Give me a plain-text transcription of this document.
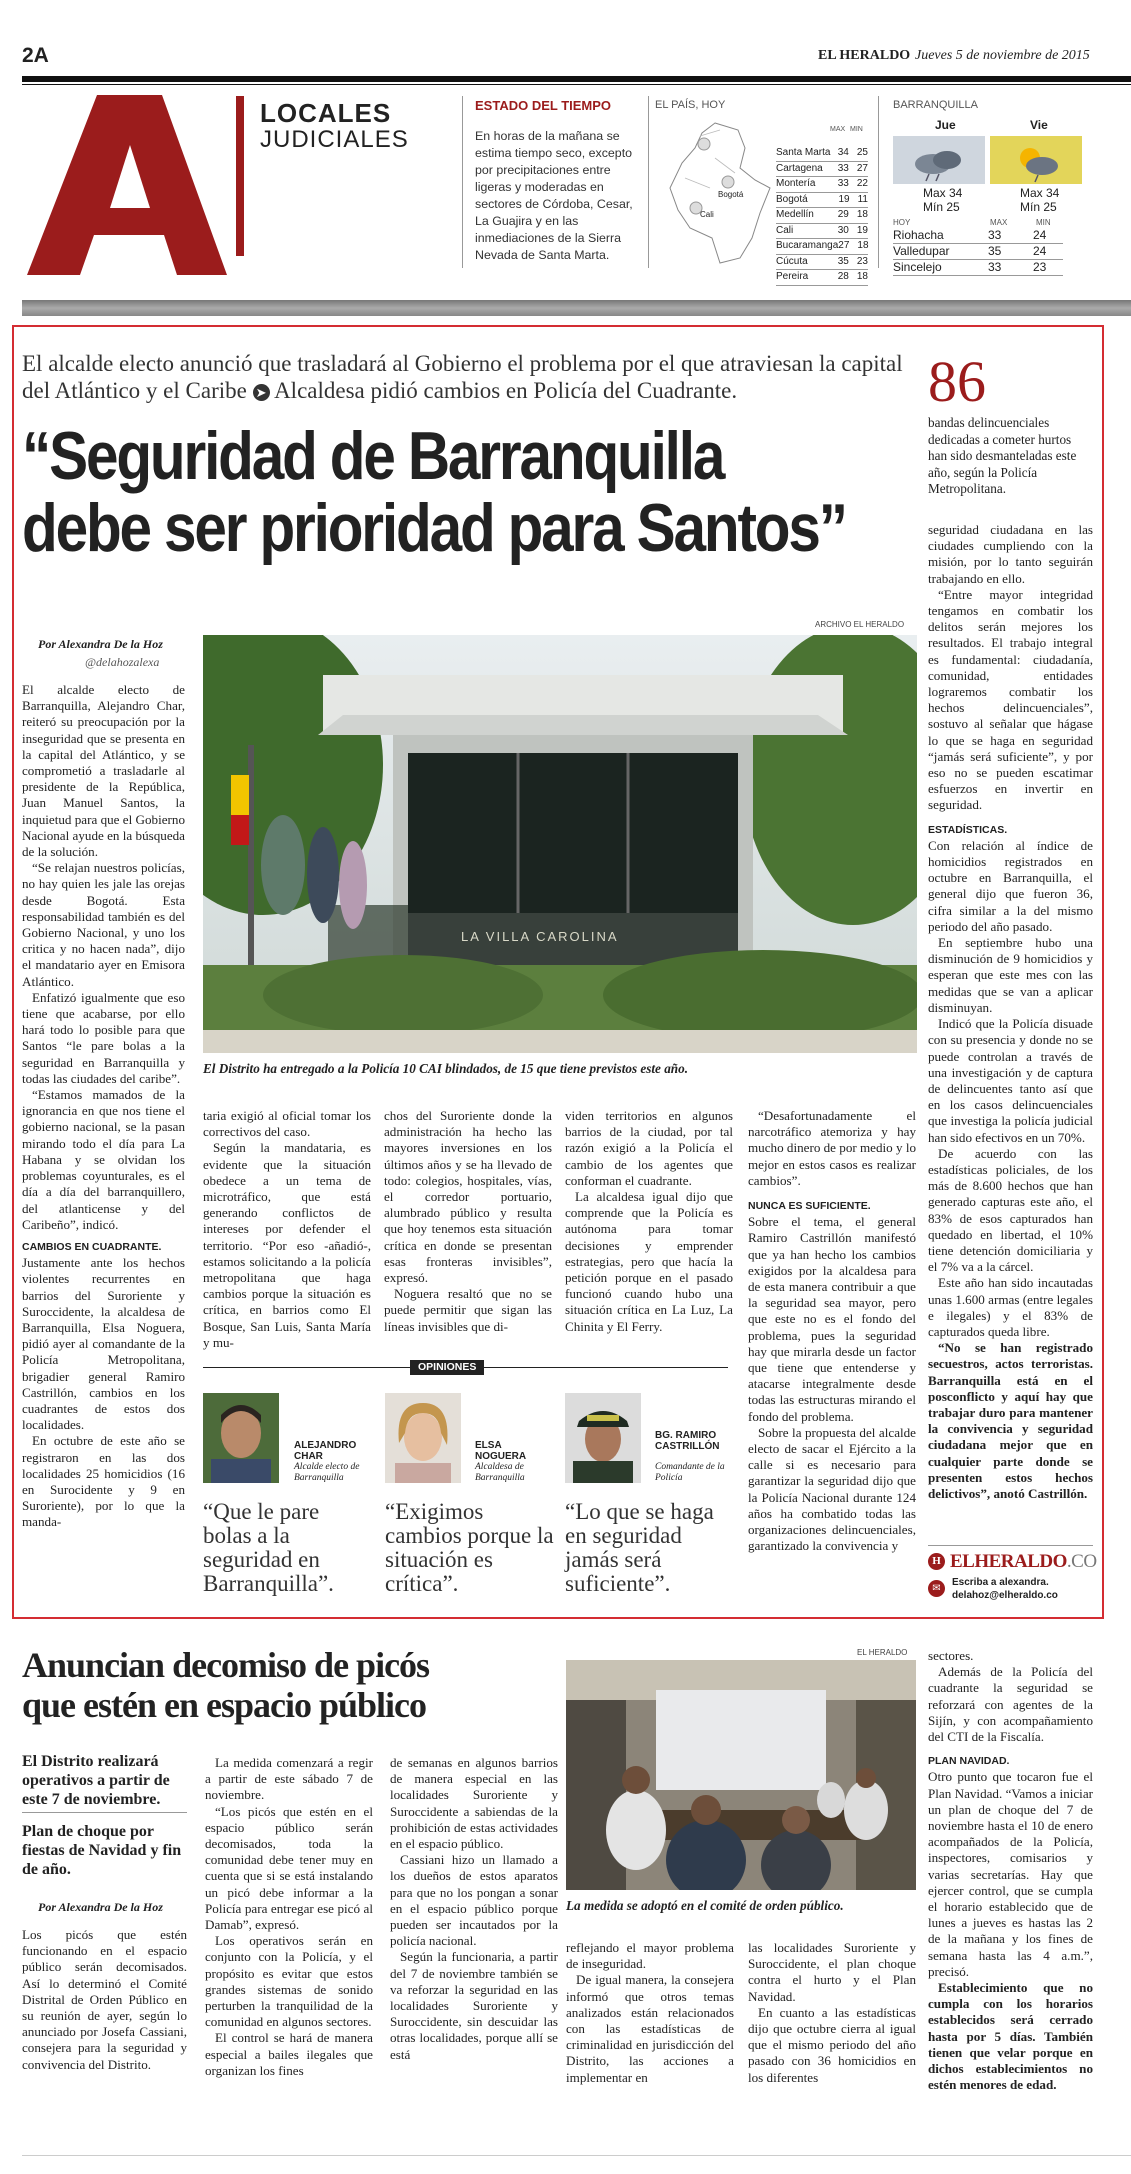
2A	EL HERALDO Jueves 5 de noviembre de 2015
LOCALES
JUDICIALES
ESTADO DEL TIEMPO
En horas de la mañana se estima tiempo seco, excepto por precipitaciones entre ligeras y moderadas en sectores de Córdoba, Cesar, La Guajira y en las inmediaciones de la Sierra Nevada de Santa Marta.
EL PAÍS, HOY
Bogotá
Cali
MAX MIN
Santa Marta 34 25
Cartagena 33 27
Montería 33 22
Bogotá	19 11
Medellín 29 18
Cali	30 19
Bucaramanga 27 18
Cúcuta	35 23
Pereira	28 18
BARRANQUILLA
Jue	Vie
Max 34
Mín 25
Max 34
Mín 25
HOY	MAX	MIN
Riohacha	33	24
Valledupar	35	24
Sincelejo	33	23
El alcalde electo anunció que trasladará al Gobierno el problema por el que atraviesan la capital del Atlántico y el Caribe ➤ Alcaldesa pidió cambios en Policía del Cuadrante.
“Seguridad de Barranquilla
debe ser prioridad para Santos”
86
bandas delincuenciales dedicadas a cometer hurtos han sido desmanteladas este año, según la Policía Metropolitana.
ARCHIVO EL HERALDO
LA VILLA CAROLINA
El Distrito ha entregado a la Policía 10 CAI blindados, de 15 que tiene previstos este año.
Por Alexandra De la Hoz
@delahozalexa

El alcalde electo de Barranquilla, Alejandro Char, reiteró su preocupación por la inseguridad que se presenta en la capital del Atlántico, y se comprometió a trasladarle al presidente de la República, Juan Manuel Santos, la inquietud para que el Gobierno Nacional ayude en la búsqueda de la solución.

“Se relajan nuestros policías, no hay quien les jale las orejas desde Bogotá. Esta responsabilidad también es del Gobierno Nacional, y uno los critica y no hacen nada”, dijo el mandatario ayer en Emisora Atlántico.

Enfatizó igualmente que eso tiene que acabarse, por ello hará todo lo posible para que Santos “le pare bolas a la seguridad en Barranquilla y todas las ciudades del caribe”.

“Estamos mamados de la ignorancia en que nos tiene el gobierno nacional, se la pasan mirando todo el día para La Habana y se olvidan los problemas coyunturales, es el día a día del barranquillero, del atlanticense y del Caribeño”, indicó.

CAMBIOS EN CUADRANTE.

Justamente ante los hechos violentes recurrentes en barrios del Suroriente y Suroccidente, la alcaldesa de Barranquilla, Elsa Noguera, pidió ayer al comandante de la Policía Metropolitana, brigadier general Ramiro Castrillón, cambios en los cuadrantes de estos dos localidades.

En octubre de este año se registraron en las dos localidades 25 homicidios (16 en Surocidente y 9 en Suroriente), por lo que la manda-

taria exigió al oficial tomar los correctivos del caso.

Según la mandataria, es evidente que la situación obedece a un tema de microtráfico, que está generando conflictos de intereses por defender el territorio. “Por eso -añadió-, estamos solicitando a la policía metropolitana que haga cambios porque la situación es crítica, en barrios como El Bosque, San Luis, Santa María y mu-

chos del Suroriente donde la administración ha hecho las mayores inversiones en los últimos años y se ha llevado de todo: colegios, hospitales, vías, el corredor portuario, alumbrado público y resulta que hoy tenemos esta situación crítica en donde se presentan esas fronteras invisibles”, expresó.

Noguera resaltó que no se puede permitir que sigan las líneas invisibles que di-

viden territorios en algunos barrios de la ciudad, por tal razón exigió a la Policía el cambio de los agentes que conforman el cuadrante.

La alcaldesa igual dijo que comprende que la Policía es autónoma para tomar decisiones y emprender estrategias, pero que hacía la petición porque en el pasado funcionó cuando hubo una situación crítica en La Luz, La Chinita y El Ferry.

“Desafortunadamente el narcotráfico atemoriza y hay mucho dinero de por medio y lo mejor en estos casos es realizar cambios”.

NUNCA ES SUFICIENTE.

Sobre el tema, el general Ramiro Castrillón manifestó que ya han hecho los cambios exigidos por la alcaldesa para de esta manera contribuir a que la seguridad sea mayor, pero que este no es el fondo del problema, pues la seguridad hay que mirarla desde un factor que tiene que entenderse y atacarse integralmente desde todas las estructuras mirando el fondo del problema.

Sobre la propuesta del alcalde electo de sacar el Ejército a la calle si es necesario para garantizar la seguridad dijo que la Policía Nacional durante 124 años ha combatido todas las organizaciones delincuenciales, garantizado la convivencia y

seguridad ciudadana en las ciudades cumpliendo con la misión, por lo tanto seguirán trabajando en ello.

“Entre mayor integridad tengamos en combatir los delitos serán mejores los resultados. El trabajo integral es fundamental: ciudadanía, comunidad, entidades lograremos combatir los hechos delincuenciales”, sostuvo al señalar que hágase lo que se haga en seguridad “jamás será suficiente”, y por eso no se pueden escatimar esfuerzos en invertir en seguridad.

ESTADÍSTICAS.

Con relación al índice de homicidios registrados en octubre en Barranquilla, el general dijo que fueron 36, cifra similar a la del mismo periodo del año pasado.

En septiembre hubo una disminución de 9 homicidios y esperan que este mes con las medidas que se van a aplicar disminuyan.

Indicó que la Policía disuade con su presencia y donde no se puede controlan a través de una investigación y de captura de delincuentes tanto así que en los casos delincuenciales que investiga la policía judicial han sido efectivos en un 70%.

De acuerdo con las estadísticas policiales, de los más de 8.600 hechos que han generado capturas este año, el 83% de esos capturados han quedado en libertad, el 10% tiene detención domiciliaria y el 7% va a la cárcel.

Este año han sido incautadas unas 1.600 armas (entre legales e ilegales) y el 83% de capturados queda libre.

“No se han registrado secuestros, actos terroristas. Barranquilla está en el posconflicto y aquí hay que trabajar duro para mantener la convivencia y seguridad ciudadana mejor que en cualquier parte donde se presenten estos hechos delictivos”, anotó Castrillón.

OPINIONES
ALEJANDRO CHAR
Alcalde electo de Barranquilla
ELSA NOGUERA
Alcaldesa de Barranquilla
BG. RAMIRO CASTRILLÓN
Comandante de la Policía
“Que le pare bolas a la seguridad en Barranquilla”.
“Exigimos cambios porque la situación es crítica”.
“Lo que se haga en seguridad jamás será suficiente”.
H ELHERALDO.CO
✉
Escriba a alexandra.
delahoz@elheraldo.co
Anuncian decomiso de picós
que estén en espacio público
EL HERALDO
El Distrito realizará operativos a partir de este 7 de noviembre.
Plan de choque por fiestas de Navidad y fin de año.
Por Alexandra De la Hoz

Los picós que estén funcionando en el espacio público serán decomisados. Así lo determinó el Comité Distrital de Orden Público en su reunión de ayer, según lo anunciado por Josefa Cassiani, consejera para la seguridad y convivencia del Distrito.

La medida comenzará a regir a partir de este sábado 7 de noviembre.

“Los picós que estén en el espacio público serán decomisados, toda la comunidad debe tener muy en cuenta que si se está instalando un picó debe informar a la Policía para entregar ese picó al Damab”, expresó.

Los operativos serán en conjunto con la Policía, y el propósito es evitar que estos grandes sistemas de sonido perturben la tranquilidad de la comunidad en algunos sectores.

El control se hará de manera especial a bailes ilegales que organizan los fines

de semanas en algunos barrios de manera especial en las localidades Suroriente y Suroccidente a sabiendas de la prohibición de estas actividades en el espacio público.

Cassiani hizo un llamado a los dueños de estos aparatos para que no los pongan a sonar en el espacio público porque pueden ser incautados por la policía nacional.

Según la funcionaria, a partir del 7 de noviembre también se va reforzar la seguridad en las localidades Suroriente y Suroccidente, sin descuidar las otras localidades, porque allí se está

La medida se adoptó en el comité de orden público.

reflejando el mayor problema de inseguridad.

De igual manera, la consejera informó que otros temas analizados están relacionados con las estadísticas de criminalidad en jurisdicción del Distrito, las acciones a implementar en

las localidades Suroriente y Suroccidente, el plan choque contra el hurto y el Plan Navidad.

En cuanto a las estadísticas dijo que octubre cierra al igual que el mismo periodo del año pasado con 36 homicidios en los diferentes

sectores.

Además de la Policía del cuadrante la seguridad se reforzará con agentes de la Sijín, y con acompañamiento del CTI de la Fiscalía.

PLAN NAVIDAD.

Otro punto que tocaron fue el Plan Navidad. “Vamos a iniciar un plan de choque del 7 de noviembre hasta el 10 de enero acompañados de la Policía, inspectores, comisarios y varias secretarías. Hay que ejercer control, que se cumpla el horario establecido que de lunes a jueves es hastas las 2 de la mañana y los fines de semana hasta las 4 a.m.”, precisó.

Establecimiento que no cumpla con los horarios establecidos será cerrado hasta por 5 días. También tienen que velar porque en dichos establecimientos no estén menores de edad.
